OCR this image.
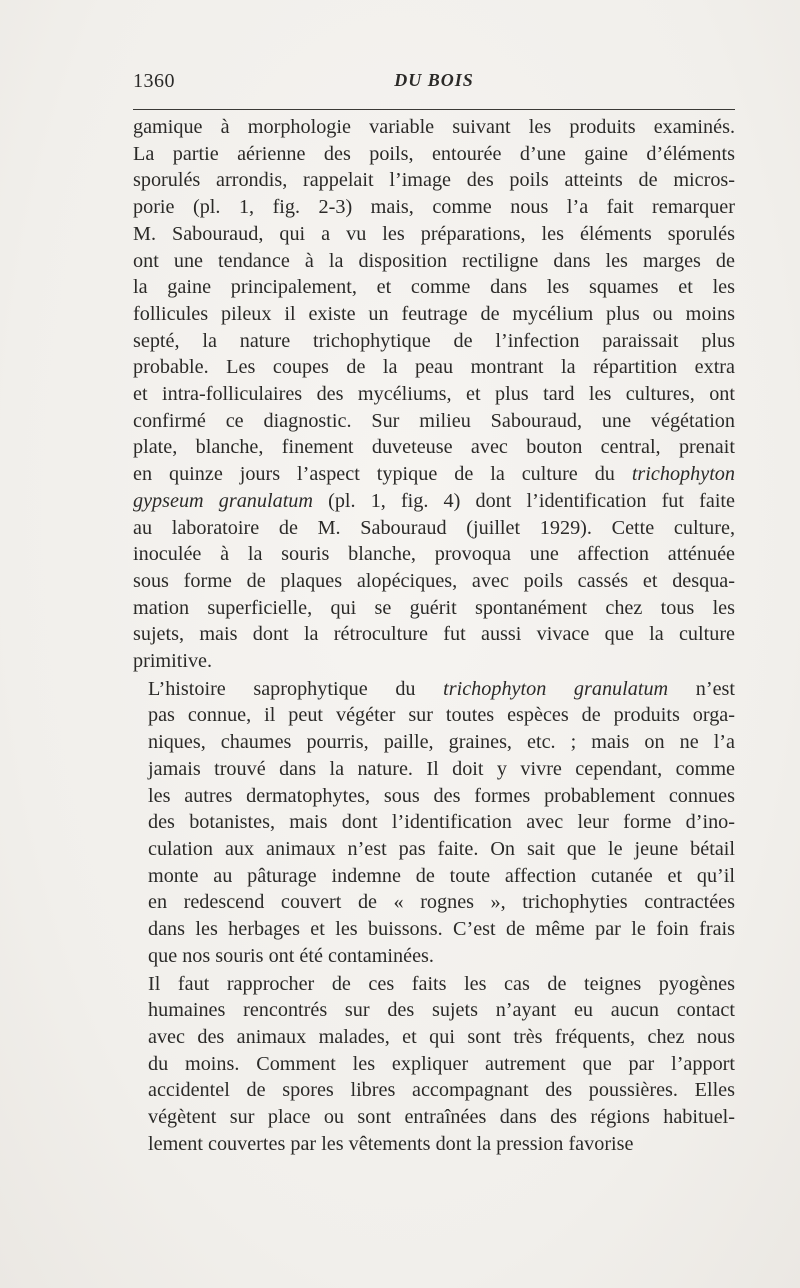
1360	DU BOIS

gamique à morphologie variable suivant les produits examinés.
La partie aérienne des poils, entourée d’une gaine d’éléments
sporulés arrondis, rappelait l’image des poils atteints de micros-
porie (pl. 1, fig. 2-3) mais, comme nous l’a fait remarquer
M. Sabouraud, qui a vu les préparations, les éléments sporulés
ont une tendance à la disposition rectiligne dans les marges de
la gaine principalement, et comme dans les squames et les
follicules pileux il existe un feutrage de mycélium plus ou moins
septé, la nature trichophytique de l’infection paraissait plus
probable. Les coupes de la peau montrant la répartition extra
et intra-folliculaires des mycéliums, et plus tard les cultures, ont
confirmé ce diagnostic. Sur milieu Sabouraud, une végétation
plate, blanche, finement duveteuse avec bouton central, prenait
en quinze jours l’aspect typique de la culture du trichophyton
gypseum granulatum (pl. 1, fig. 4) dont l’identification fut faite
au laboratoire de M. Sabouraud (juillet 1929). Cette culture,
inoculée à la souris blanche, provoqua une affection atténuée
sous forme de plaques alopéciques, avec poils cassés et desqua-
mation superficielle, qui se guérit spontanément chez tous les
sujets, mais dont la rétroculture fut aussi vivace que la culture
primitive.

L’histoire saprophytique du trichophyton granulatum n’est
pas connue, il peut végéter sur toutes espèces de produits orga-
niques, chaumes pourris, paille, graines, etc. ; mais on ne l’a
jamais trouvé dans la nature. Il doit y vivre cependant, comme
les autres dermatophytes, sous des formes probablement connues
des botanistes, mais dont l’identification avec leur forme d’ino-
culation aux animaux n’est pas faite. On sait que le jeune bétail
monte au pâturage indemne de toute affection cutanée et qu’il
en redescend couvert de « rognes », trichophyties contractées
dans les herbages et les buissons. C’est de même par le foin frais
que nos souris ont été contaminées.

Il faut rapprocher de ces faits les cas de teignes pyogènes
humaines rencontrés sur des sujets n’ayant eu aucun contact
avec des animaux malades, et qui sont très fréquents, chez nous
du moins. Comment les expliquer autrement que par l’apport
accidentel de spores libres accompagnant des poussières. Elles
végètent sur place ou sont entraînées dans des régions habituel-
lement couvertes par les vêtements dont la pression favorise
